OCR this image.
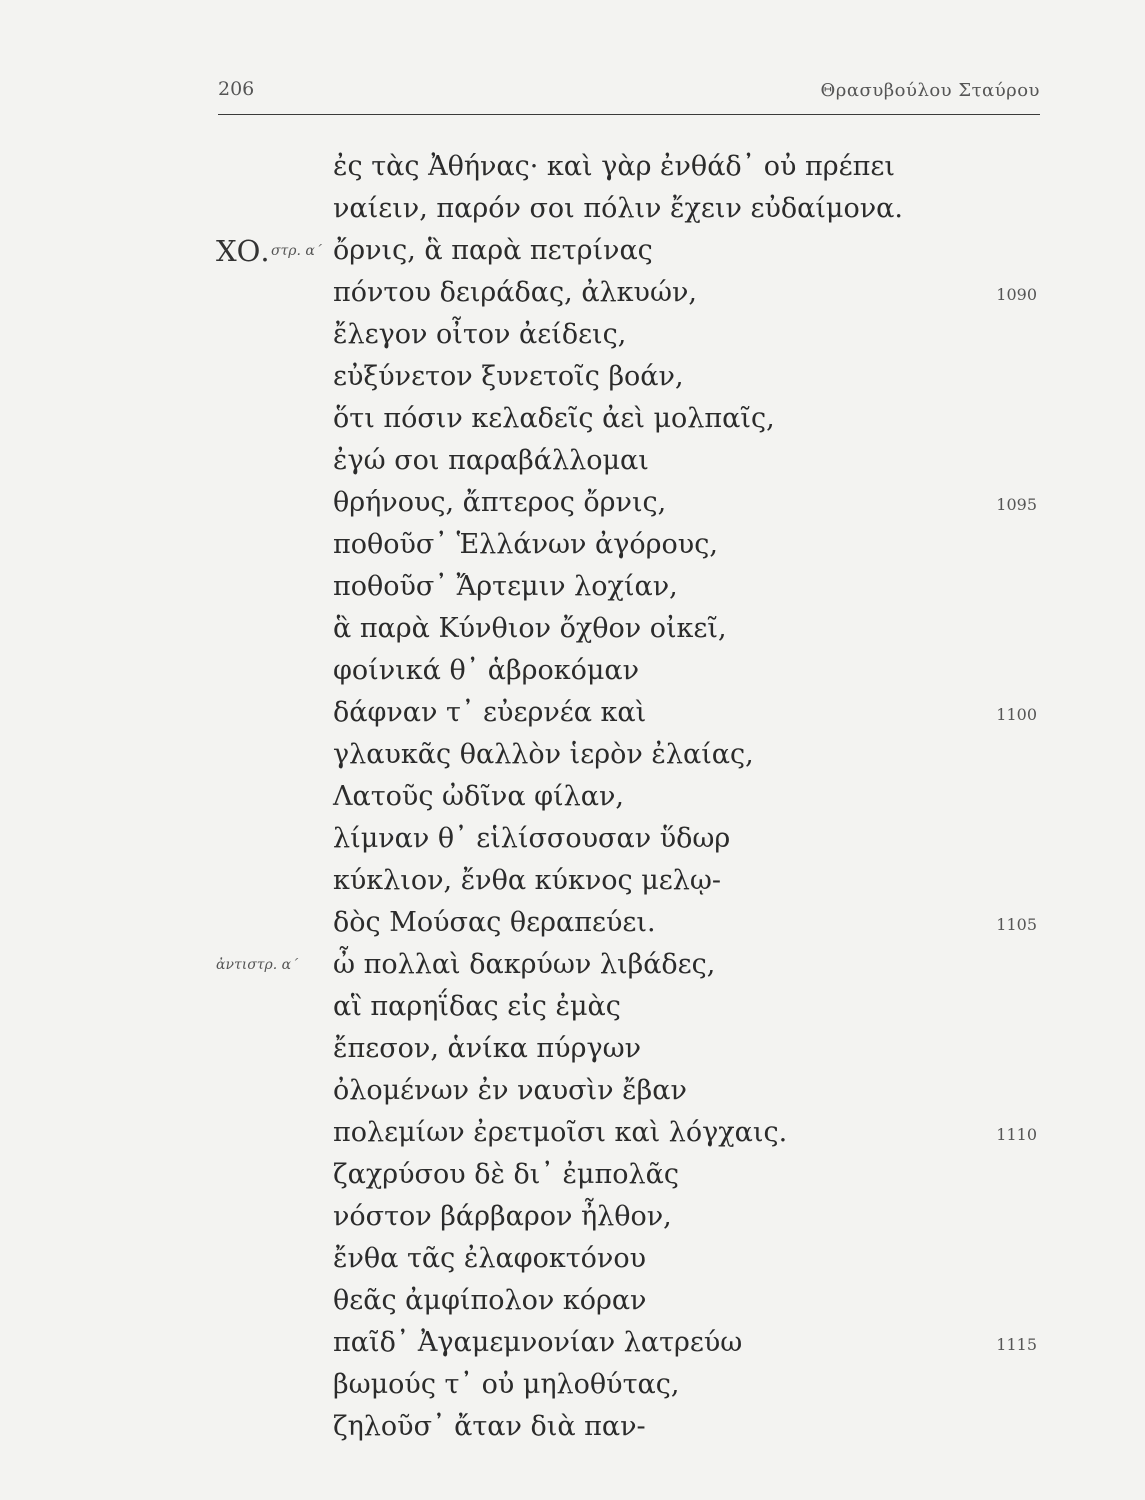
206	Θρασυβούλου Σταύρου
ἐς τὰς Ἀθήνας· καὶ γὰρ ἐνθάδ᾽ οὐ πρέπει
ναίειν, παρόν σοι πόλιν ἔχειν εὐδαίμονα.
ΧΟ. στρ. α΄ ὄρνις, ἃ παρὰ πετρίνας
πόντου δειράδας, ἀλκυών,	1090
ἔλεγον οἶτον ἀείδεις,
εὐξύνετον ξυνετοῖς βοάν,
ὅτι πόσιν κελαδεῖς ἀεὶ μολπαῖς,
ἐγώ σοι παραβάλλομαι
θρήνους, ἄπτερος ὄρνις,	1095
ποθοῦσ᾽ Ἑλλάνων ἀγόρους,
ποθοῦσ᾽ Ἄρτεμιν λοχίαν,
ἃ παρὰ Κύνθιον ὄχθον οἰκεῖ,
φοίνικά θ᾽ ἁβροκόμαν
δάφναν τ᾽ εὐερνέα καὶ	1100
γλαυκᾶς θαλλὸν ἱερὸν ἐλαίας,
Λατοῦς ὠδῖνα φίλαν,
λίμναν θ᾽ εἱλίσσουσαν ὕδωρ
κύκλιον, ἔνθα κύκνος μελῳ-
δὸς Μούσας θεραπεύει.	1105
ἀντιστρ. α΄ ὦ πολλαὶ δακρύων λιβάδες,
αἳ παρηΐδας εἰς ἐμὰς
ἔπεσον, ἁνίκα πύργων
ὀλομένων ἐν ναυσὶν ἔβαν
πολεμίων ἐρετμοῖσι καὶ λόγχαις.	1110
ζαχρύσου δὲ δι᾽ ἐμπολᾶς
νόστον βάρβαρον ἦλθον,
ἔνθα τᾶς ἐλαφοκτόνου
θεᾶς ἀμφίπολον κόραν
παῖδ᾽ Ἀγαμεμνονίαν λατρεύω	1115
βωμούς τ᾽ οὐ μηλοθύτας,
ζηλοῦσ᾽ ἄταν διὰ παν-
